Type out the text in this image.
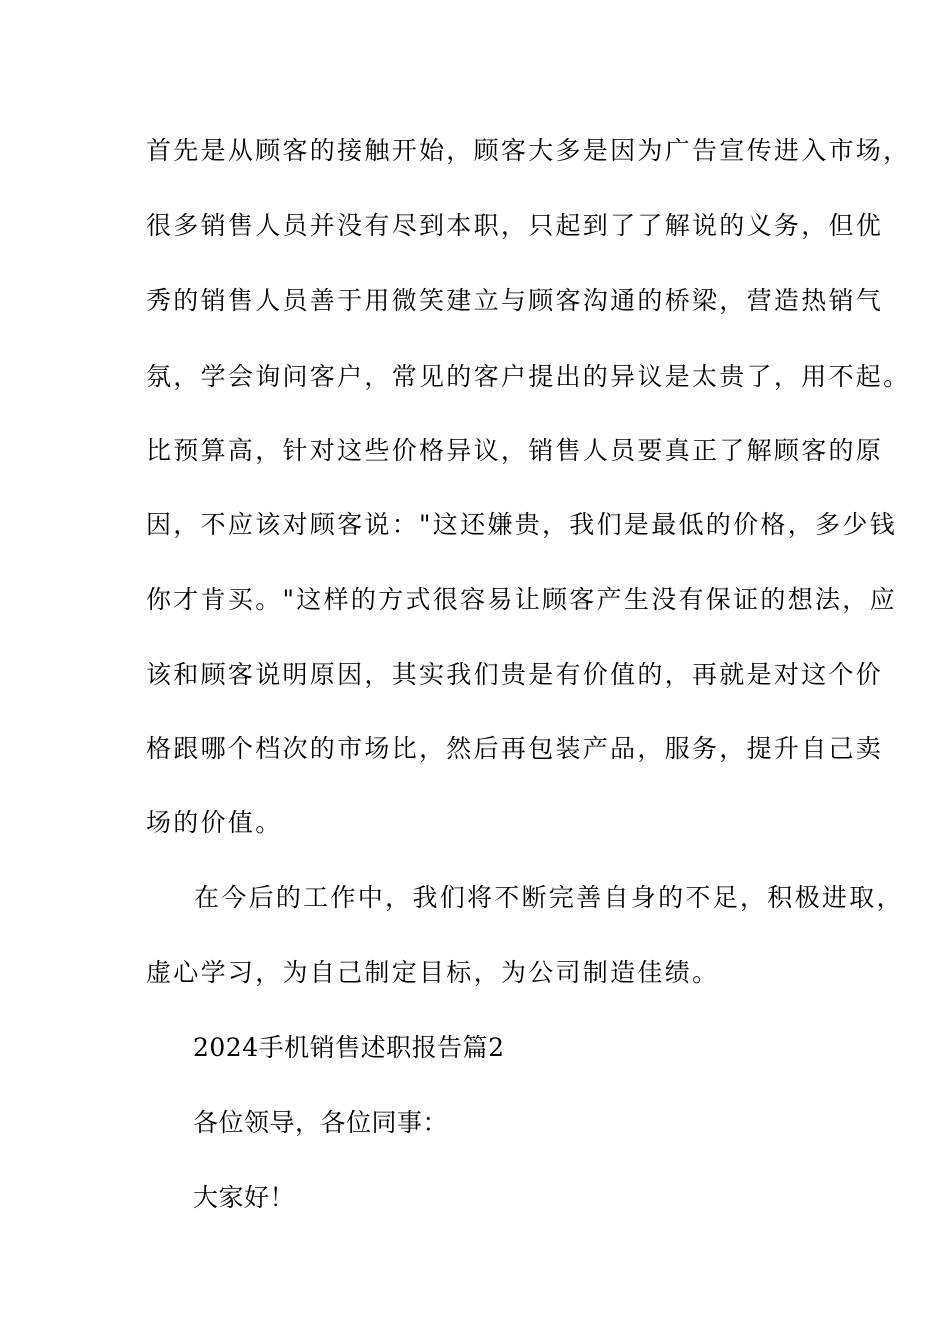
首先是从顾客的接触开始，顾客大多是因为广告宣传进入市场，
很多销售人员并没有尽到本职，只起到了了解说的义务，但优
秀的销售人员善于用微笑建立与顾客沟通的桥梁，营造热销气
氛，学会询问客户，常见的客户提出的异议是太贵了，用不起。
比预算高，针对这些价格异议，销售人员要真正了解顾客的原
因，不应该对顾客说："这还嫌贵，我们是最低的价格，多少钱
你才肯买。"这样的方式很容易让顾客产生没有保证的想法，应
该和顾客说明原因，其实我们贵是有价值的，再就是对这个价
格跟哪个档次的市场比，然后再包装产品，服务，提升自己卖
场的价值。
在今后的工作中，我们将不断完善自身的不足，积极进取，
虚心学习，为自己制定目标，为公司制造佳绩。
2024手机销售述职报告篇2
各位领导，各位同事：
大家好！
